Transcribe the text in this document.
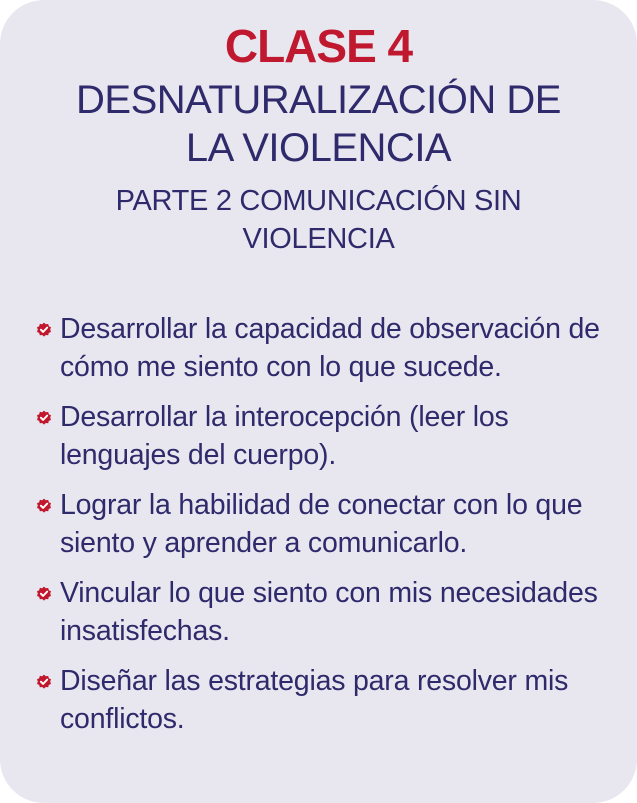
CLASE 4
DESNATURALIZACIÓN DE LA VIOLENCIA
PARTE 2 COMUNICACIÓN SIN VIOLENCIA
Desarrollar la capacidad de observación de cómo me siento con lo que sucede.
Desarrollar la interocepción (leer los lenguajes del cuerpo).
Lograr la habilidad de conectar con lo que siento y aprender a comunicarlo.
Vincular lo que siento con mis necesidades insatisfechas.
Diseñar las estrategias para resolver mis conflictos.
